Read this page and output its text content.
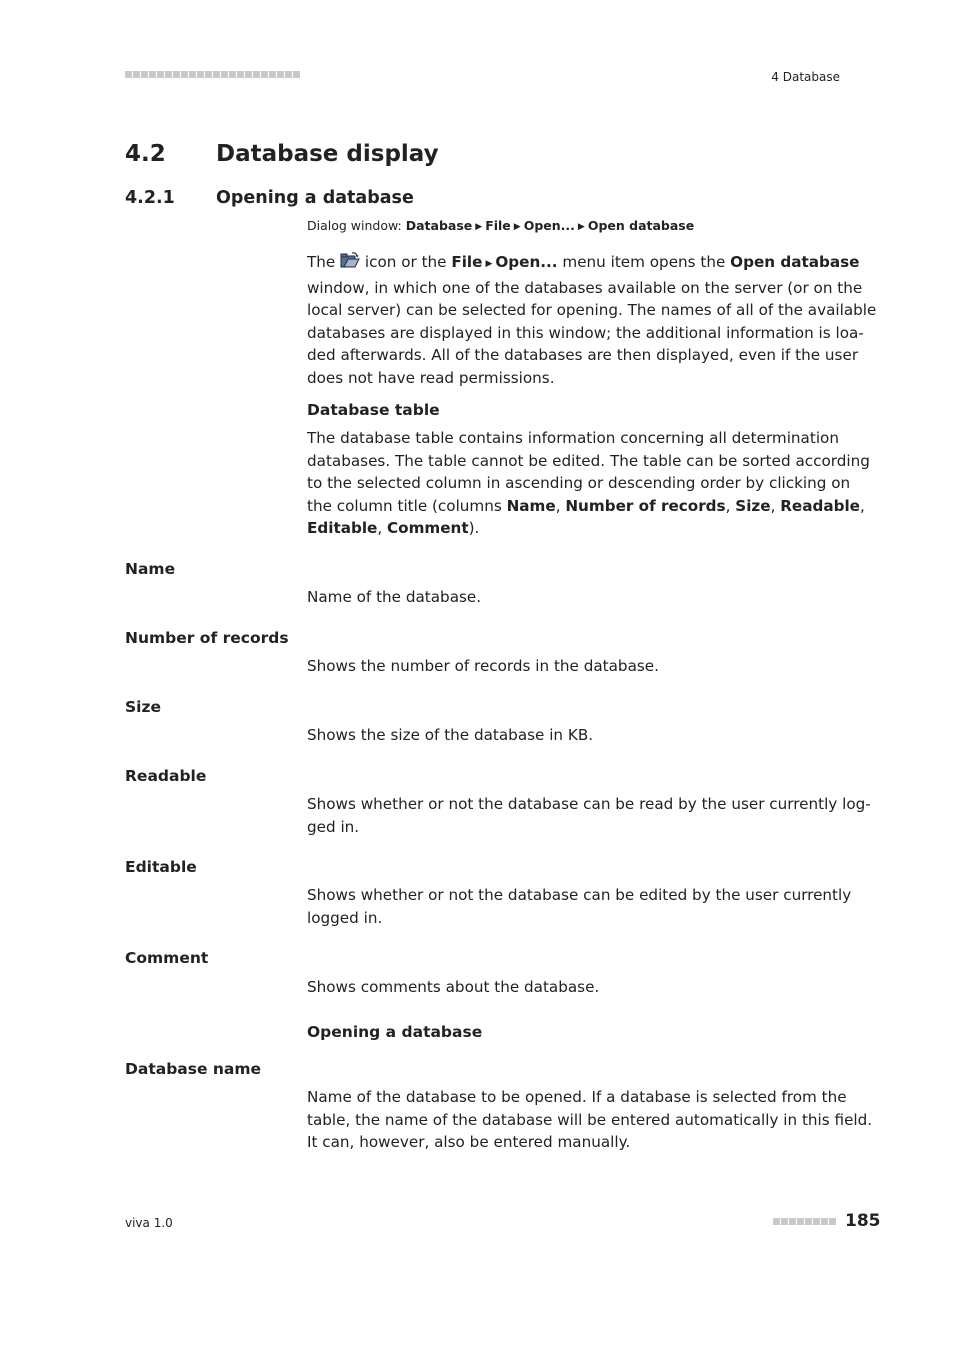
4 Database
4.2 Database display
4.2.1 Opening a database
Dialog window: Database ▶ File ▶ Open... ▶ Open database
The icon or the File ▶ Open... menu item opens the Open database
window, in which one of the databases available on the server (or on the
local server) can be selected for opening. The names of all of the available
databases are displayed in this window; the additional information is loa-
ded afterwards. All of the databases are then displayed, even if the user
does not have read permissions.
Database table
The database table contains information concerning all determination
databases. The table cannot be edited. The table can be sorted according
to the selected column in ascending or descending order by clicking on
the column title (columns Name, Number of records, Size, Readable,
Editable, Comment).
Name
Name of the database.
Number of records
Shows the number of records in the database.
Size
Shows the size of the database in KB.
Readable
Shows whether or not the database can be read by the user currently log-
ged in.
Editable
Shows whether or not the database can be edited by the user currently
logged in.
Comment
Shows comments about the database.
Opening a database
Database name
Name of the database to be opened. If a database is selected from the
table, the name of the database will be entered automatically in this field.
It can, however, also be entered manually.
viva 1.0	185
